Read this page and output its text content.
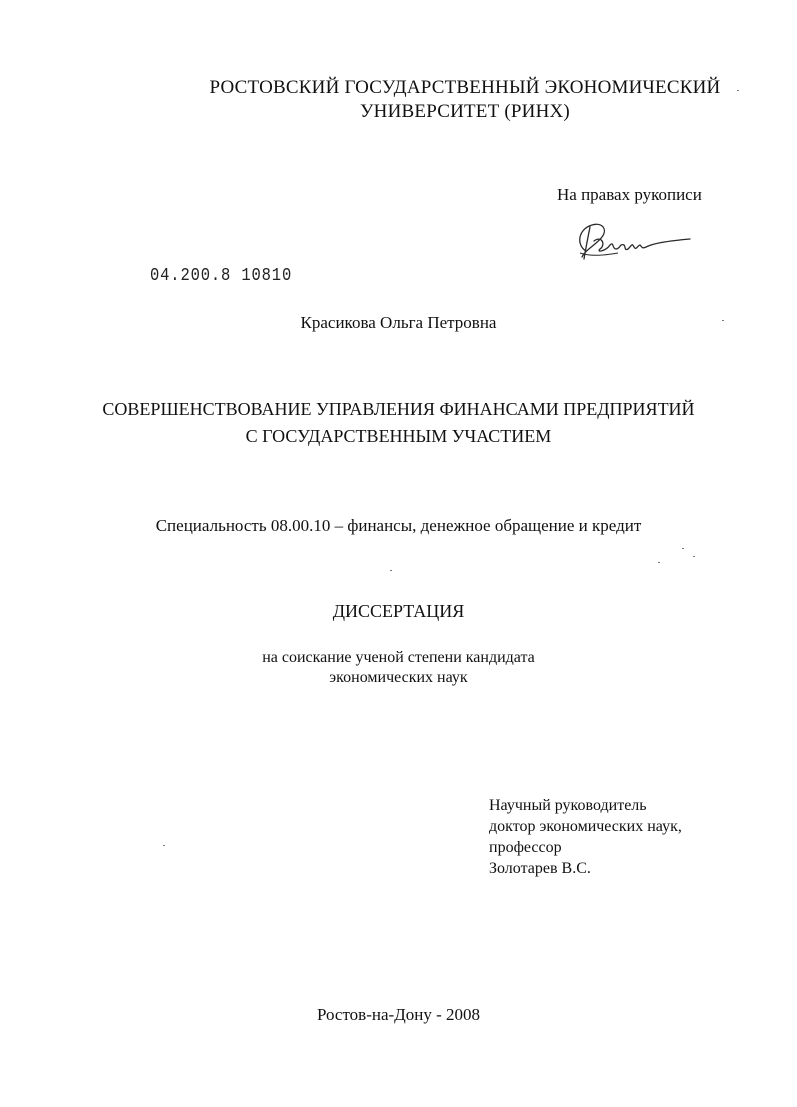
РОСТОВСКИЙ ГОСУДАРСТВЕННЫЙ ЭКОНОМИЧЕСКИЙ
УНИВЕРСИТЕТ (РИНХ)

На правах рукописи

04.200.8 10810

Красикова Ольга Петровна

СОВЕРШЕНСТВОВАНИЕ УПРАВЛЕНИЯ ФИНАНСАМИ ПРЕДПРИЯТИЙ
С ГОСУДАРСТВЕННЫМ УЧАСТИЕМ

Специальность 08.00.10 – финансы, денежное обращение и кредит

ДИССЕРТАЦИЯ

на соискание ученой степени кандидата
экономических наук
Научный руководитель
доктор экономических наук,
профессор
Золотарев В.С.

Ростов-на-Дону - 2008
